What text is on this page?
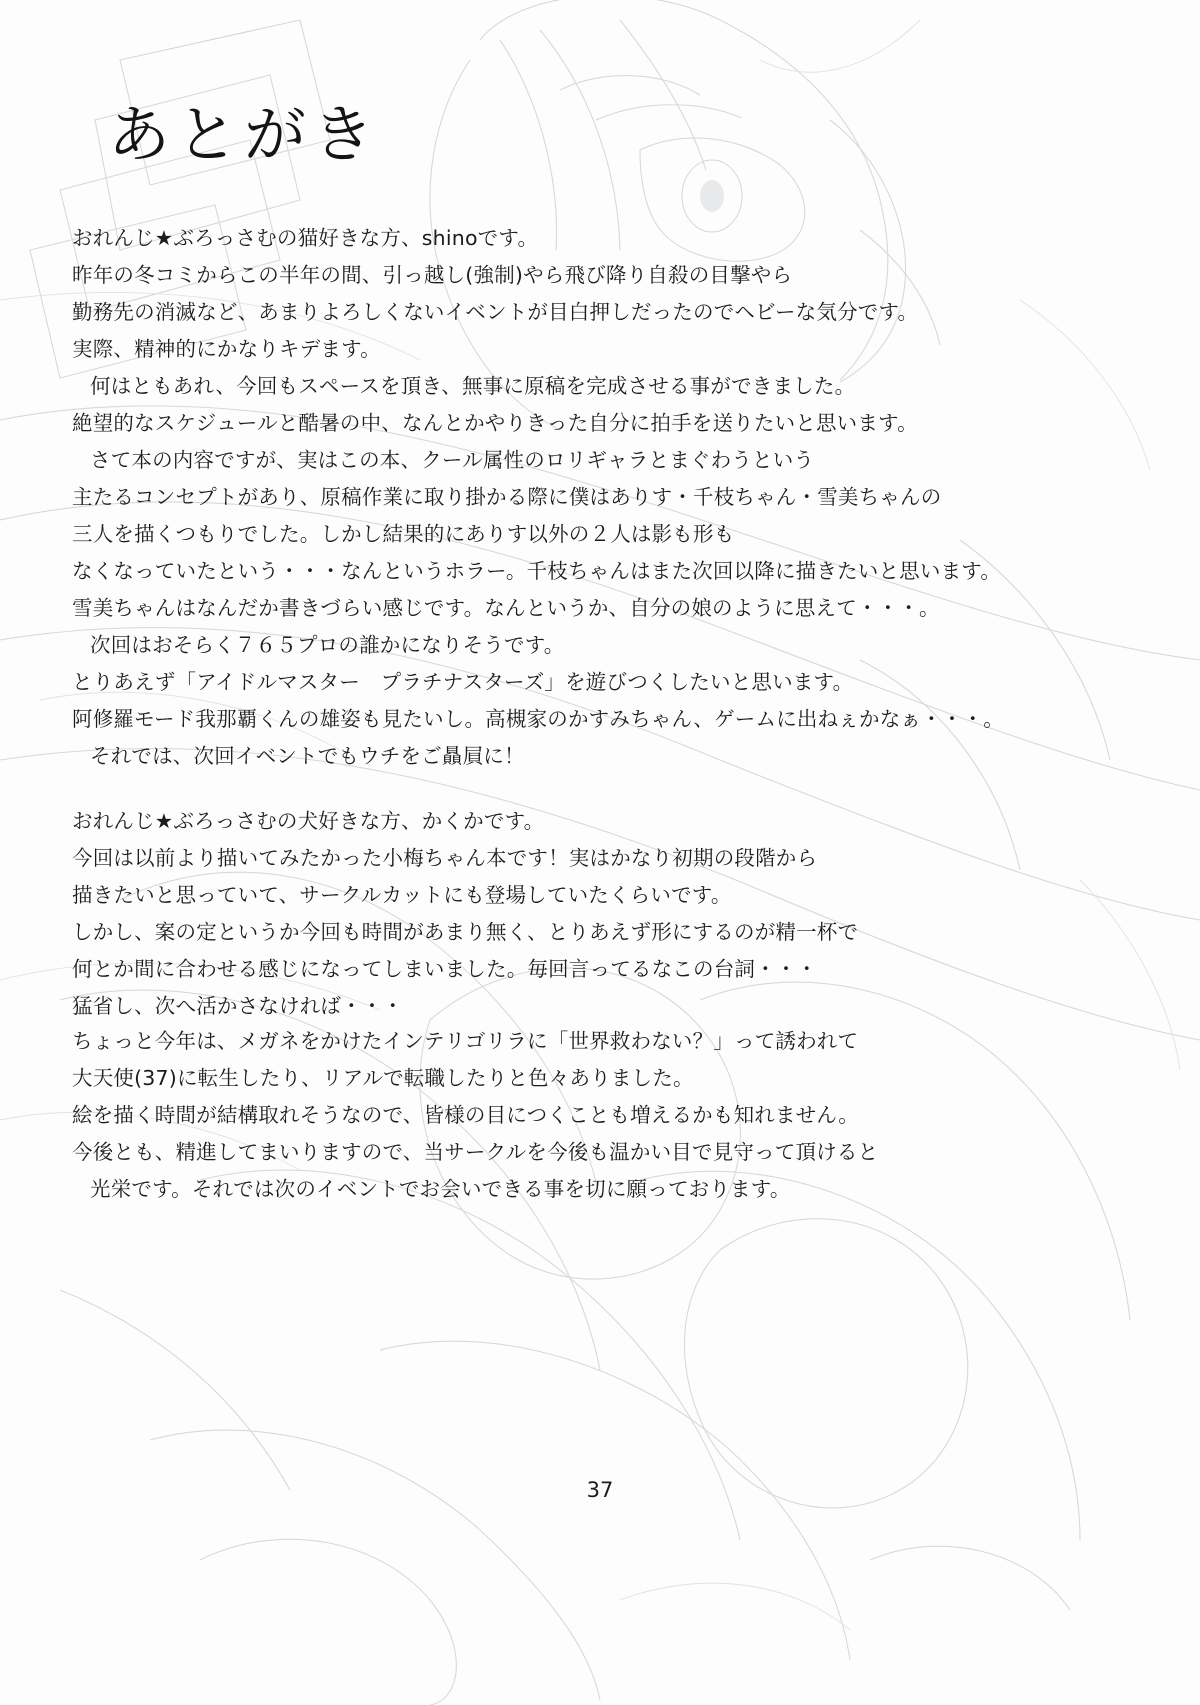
あとがき

おれんじ★ぶろっさむの猫好きな方、shinoです。

昨年の冬コミからこの半年の間、引っ越し(強制)やら飛び降り自殺の目撃やら

勤務先の消滅など、あまりよろしくないイベントが目白押しだったのでヘビーな気分です。

実際、精神的にかなりキデます。

何はともあれ、今回もスペースを頂き、無事に原稿を完成させる事ができました。

絶望的なスケジュールと酷暑の中、なんとかやりきった自分に拍手を送りたいと思います。

さて本の内容ですが、実はこの本、クール属性のロリギャラとまぐわうという

主たるコンセプトがあり、原稿作業に取り掛かる際に僕はありす・千枝ちゃん・雪美ちゃんの

三人を描くつもりでした。しかし結果的にありす以外の２人は影も形も

なくなっていたという・・・なんというホラー。千枝ちゃんはまた次回以降に描きたいと思います。

雪美ちゃんはなんだか書きづらい感じです。なんというか、自分の娘のように思えて・・・。

次回はおそらく７６５プロの誰かになりそうです。

とりあえず「アイドルマスター　プラチナスターズ」を遊びつくしたいと思います。

阿修羅モード我那覇くんの雄姿も見たいし。高槻家のかすみちゃん、ゲームに出ねぇかなぁ・・・。

それでは、次回イベントでもウチをご贔屓に！

おれんじ★ぶろっさむの犬好きな方、かくかです。

今回は以前より描いてみたかった小梅ちゃん本です！実はかなり初期の段階から

描きたいと思っていて、サークルカットにも登場していたくらいです。

しかし、案の定というか今回も時間があまり無く、とりあえず形にするのが精一杯で

何とか間に合わせる感じになってしまいました。毎回言ってるなこの台詞・・・

猛省し、次へ活かさなければ・・・

ちょっと今年は、メガネをかけたインテリゴリラに「世界救わない？」って誘われて

大天使(37)に転生したり、リアルで転職したりと色々ありました。

絵を描く時間が結構取れそうなので、皆様の目につくことも増えるかも知れません。

今後とも、精進してまいりますので、当サークルを今後も温かい目で見守って頂けると

光栄です。それでは次のイベントでお会いできる事を切に願っております。

37
